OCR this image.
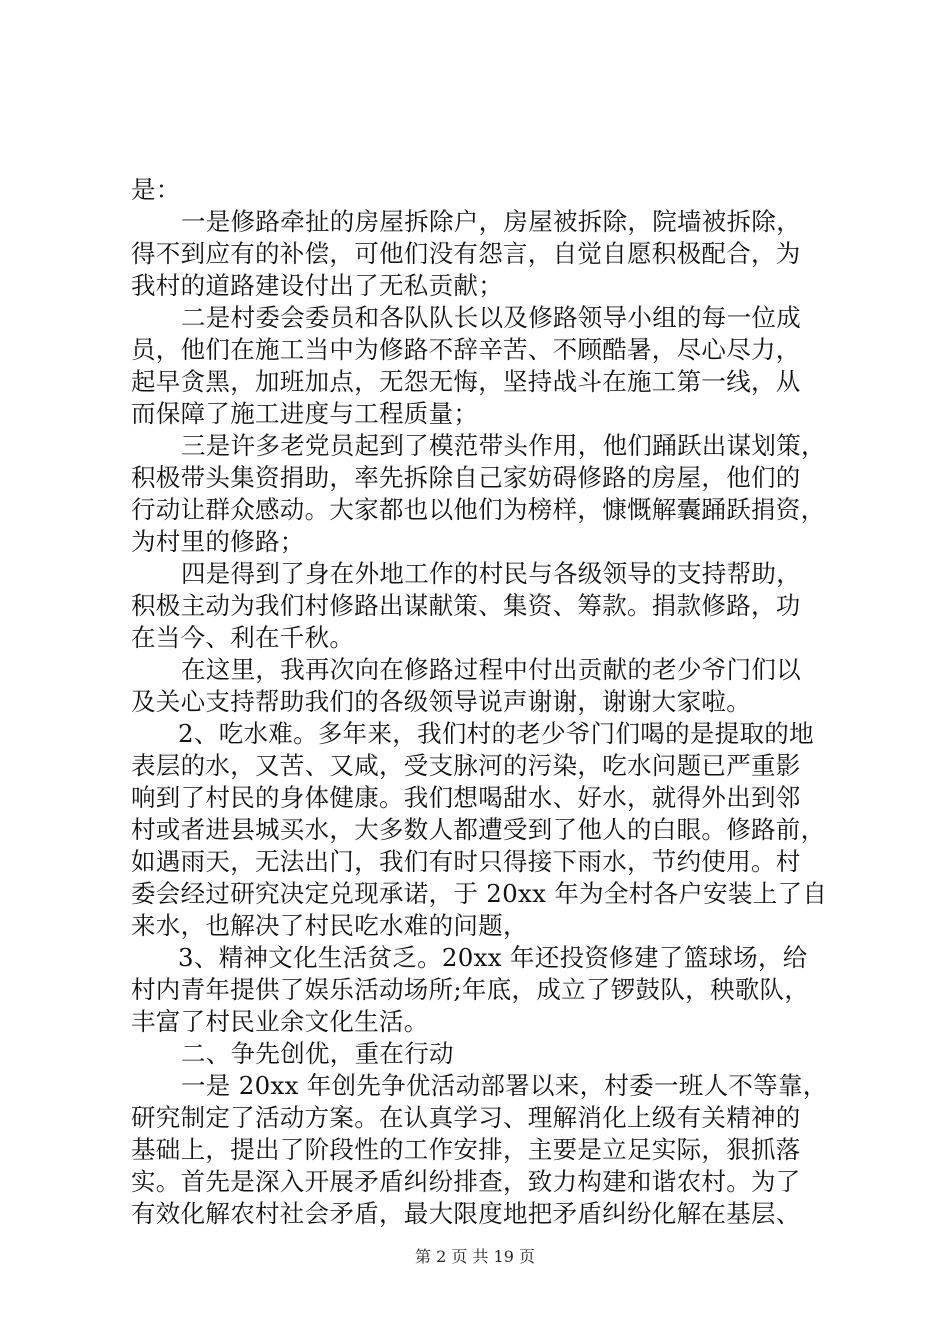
是：
一是修路牵扯的房屋拆除户，房屋被拆除，院墙被拆除，
得不到应有的补偿，可他们没有怨言，自觉自愿积极配合，为
我村的道路建设付出了无私贡献；
二是村委会委员和各队队长以及修路领导小组的每一位成
员，他们在施工当中为修路不辞辛苦、不顾酷暑，尽心尽力，
起早贪黑，加班加点，无怨无悔，坚持战斗在施工第一线，从
而保障了施工进度与工程质量；
三是许多老党员起到了模范带头作用，他们踊跃出谋划策，
积极带头集资捐助，率先拆除自己家妨碍修路的房屋，他们的
行动让群众感动。大家都也以他们为榜样，慷慨解囊踊跃捐资，
为村里的修路；
四是得到了身在外地工作的村民与各级领导的支持帮助，
积极主动为我们村修路出谋献策、集资、筹款。捐款修路，功
在当今、利在千秋。
在这里，我再次向在修路过程中付出贡献的老少爷门们以
及关心支持帮助我们的各级领导说声谢谢，谢谢大家啦。
2、吃水难。多年来，我们村的老少爷门们喝的是提取的地
表层的水，又苦、又咸，受支脉河的污染，吃水问题已严重影
响到了村民的身体健康。我们想喝甜水、好水，就得外出到邻
村或者进县城买水，大多数人都遭受到了他人的白眼。修路前，
如遇雨天，无法出门，我们有时只得接下雨水，节约使用。村
委会经过研究决定兑现承诺，于 20xx 年为全村各户安装上了自
来水，也解决了村民吃水难的问题，
3、精神文化生活贫乏。20xx 年还投资修建了篮球场，给
村内青年提供了娱乐活动场所;年底，成立了锣鼓队，秧歌队，
丰富了村民业余文化生活。
二、争先创优，重在行动
一是 20xx 年创先争优活动部署以来，村委一班人不等靠，
研究制定了活动方案。在认真学习、理解消化上级有关精神的
基础上，提出了阶段性的工作安排，主要是立足实际，狠抓落
实。首先是深入开展矛盾纠纷排查，致力构建和谐农村。为了
有效化解农村社会矛盾，最大限度地把矛盾纠纷化解在基层、
第 2 页 共 19 页
